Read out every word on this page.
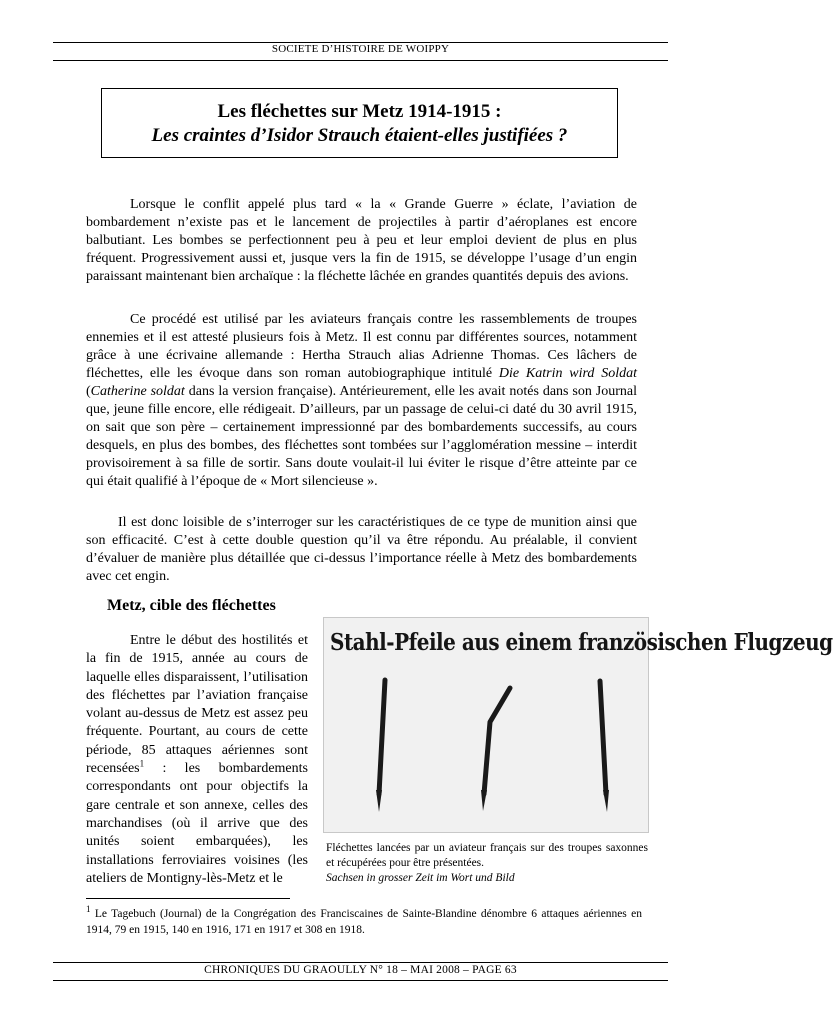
SOCIETE D’HISTOIRE DE WOIPPY
Les fléchettes sur Metz 1914-1915 :
Les craintes d’Isidor Strauch étaient-elles justifiées ?

Lorsque le conflit appelé plus tard « la « Grande Guerre » éclate, l’aviation de bombardement n’existe pas et le lancement de projectiles à partir d’aéroplanes est encore balbutiant. Les bombes se perfectionnent peu à peu et leur emploi devient de plus en plus fréquent. Progressivement aussi et, jusque vers la fin de 1915, se développe l’usage d’un engin paraissant maintenant bien archaïque : la fléchette lâchée en grandes quantités depuis des avions.

Ce procédé est utilisé par les aviateurs français contre les rassemblements de troupes ennemies et il est attesté plusieurs fois à Metz. Il est connu par différentes sources, notamment grâce à une écrivaine allemande : Hertha Strauch alias Adrienne Thomas. Ces lâchers de fléchettes, elle les évoque dans son roman autobiographique intitulé Die Katrin wird Soldat (Catherine soldat dans la version française). Antérieurement, elle les avait notés dans son Journal que, jeune fille encore, elle rédigeait. D’ailleurs, par un passage de celui-ci daté du 30 avril 1915, on sait que son père – certainement impressionné par des bombardements successifs, au cours desquels, en plus des bombes, des fléchettes sont tombées sur l’agglomération messine – interdit provisoirement à sa fille de sortir. Sans doute voulait-il lui éviter le risque d’être atteinte par ce qui était qualifié à l’époque de « Mort silencieuse ».

Il est donc loisible de s’interroger sur les caractéristiques de ce type de munition ainsi que son efficacité. C’est à cette double question qu’il va être répondu. Au préalable, il convient d’évaluer de manière plus détaillée que ci-dessus l’importance réelle à Metz des bombardements avec cet engin.

Metz, cible des fléchettes

Entre le début des hostilités et la fin de 1915, année au cours de laquelle elles disparaissent, l’utilisation des fléchettes par l’aviation française volant au-dessus de Metz est assez peu fréquente. Pourtant, au cours de cette période, 85 attaques aériennes sont recensées$^1$ : les bombardements correspondants ont pour objectifs la gare centrale et son annexe, celles des marchandises (où il arrive que des unités soient embarquées), les installations ferroviaires voisines (les ateliers de Montigny-lès-Metz et le

Stahl-Pfeile aus einem französischen Flugzeug
Fléchettes lancées par un aviateur français sur des troupes saxonnes et récupérées pour être présentées.
Sachsen in grosser Zeit im Wort und Bild
$^1$ Le Tagebuch (Journal) de la Congrégation des Franciscaines de Sainte-Blandine dénombre 6 attaques aériennes en 1914, 79 en 1915, 140 en 1916, 171 en 1917 et 308 en 1918.
CHRONIQUES DU GRAOULLY N° 18 – MAI 2008 – PAGE 63
